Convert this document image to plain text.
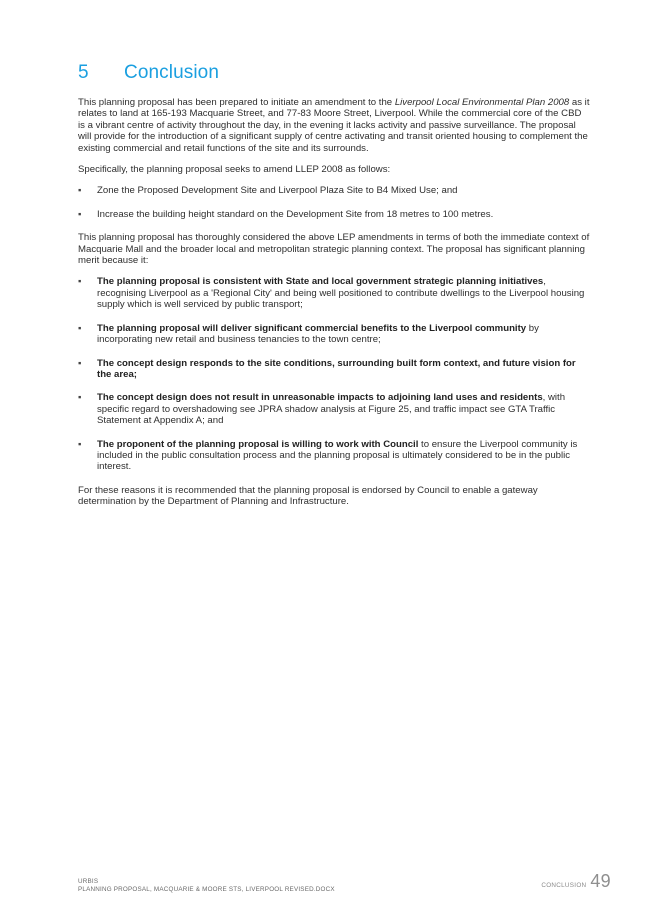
5 Conclusion

This planning proposal has been prepared to initiate an amendment to the Liverpool Local Environmental Plan 2008 as it relates to land at 165-193 Macquarie Street, and 77-83 Moore Street, Liverpool. While the commercial core of the CBD is a vibrant centre of activity throughout the day, in the evening it lacks activity and passive surveillance. The proposal will provide for the introduction of a significant supply of centre activating and transit oriented housing to complement the existing commercial and retail functions of the site and its surrounds.

Specifically, the planning proposal seeks to amend LLEP 2008 as follows:

▪ Zone the Proposed Development Site and Liverpool Plaza Site to B4 Mixed Use; and
▪ Increase the building height standard on the Development Site from 18 metres to 100 metres.

This planning proposal has thoroughly considered the above LEP amendments in terms of both the immediate context of Macquarie Mall and the broader local and metropolitan strategic planning context. The proposal has significant planning merit because it:

▪ The planning proposal is consistent with State and local government strategic planning initiatives, recognising Liverpool as a 'Regional City' and being well positioned to contribute dwellings to the Liverpool housing supply which is well serviced by public transport;
▪ The planning proposal will deliver significant commercial benefits to the Liverpool community by incorporating new retail and business tenancies to the town centre;
▪ The concept design responds to the site conditions, surrounding built form context, and future vision for the area;
▪ The concept design does not result in unreasonable impacts to adjoining land uses and residents, with specific regard to overshadowing see JPRA shadow analysis at Figure 25, and traffic impact see GTA Traffic Statement at Appendix A; and
▪ The proponent of the planning proposal is willing to work with Council to ensure the Liverpool community is included in the public consultation process and the planning proposal is ultimately considered to be in the public interest.

For these reasons it is recommended that the planning proposal is endorsed by Council to enable a gateway determination by the Department of Planning and Infrastructure.

URBIS
PLANNING PROPOSAL, MACQUARIE & MOORE STS, LIVERPOOL REVISED.DOCX
CONCLUSION 49
